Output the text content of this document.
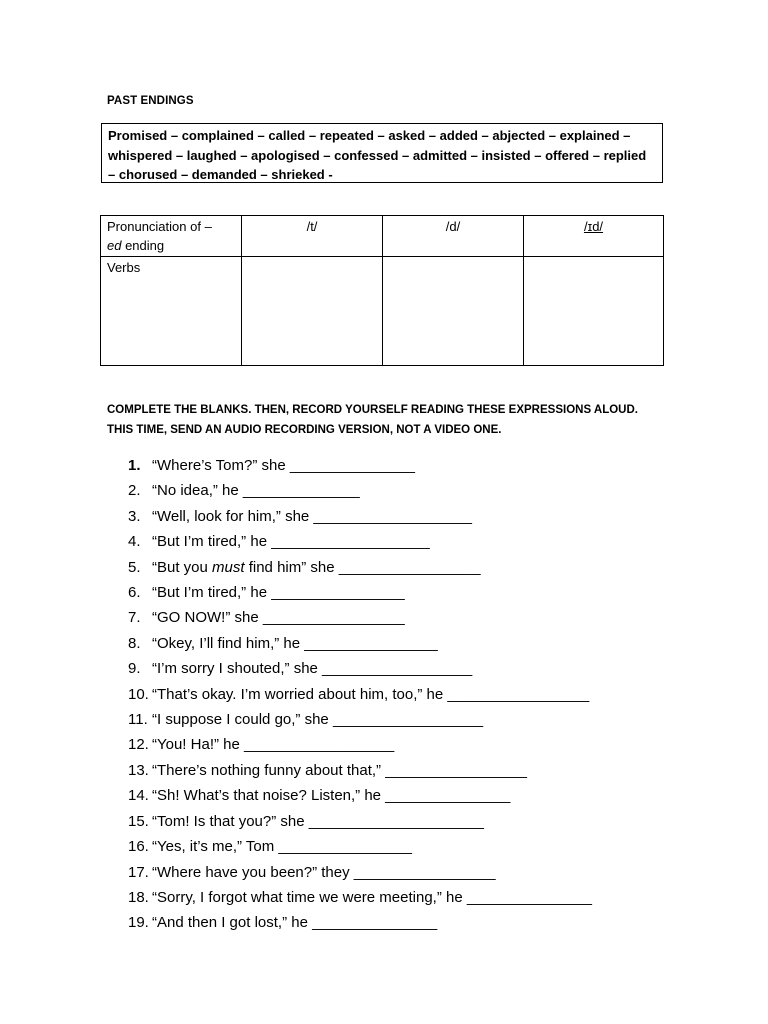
PAST ENDINGS
Promised – complained – called – repeated – asked – added – abjected – explained –
whispered – laughed – apologised – confessed – admitted – insisted – offered – replied
– chorused – demanded – shrieked -
Pronunciation of –
ed ending	/t/	/d/	/ɪd/
Verbs			
COMPLETE THE BLANKS. THEN, RECORD YOURSELF READING THESE EXPRESSIONS ALOUD. THIS TIME, SEND AN AUDIO RECORDING VERSION, NOT A VIDEO ONE.
1. “Where’s Tom?” she _______________
2. “No idea,” he ______________
3. “Well, look for him,” she ___________________
4. “But I’m tired,” he ___________________
5. “But you must find him” she _________________
6. “But I’m tired,” he ________________
7. “GO NOW!” she _________________
8. “Okey, I’ll find him,” he ________________
9. “I’m sorry I shouted,” she __________________
10. “That’s okay. I’m worried about him, too,” he _________________
11. “I suppose I could go,” she __________________
12. “You! Ha!” he __________________
13. “There’s nothing funny about that,” _________________
14. “Sh! What’s that noise? Listen,” he _______________
15. “Tom! Is that you?” she _____________________
16. “Yes, it’s me,” Tom ________________
17. “Where have you been?” they _________________
18. “Sorry, I forgot what time we were meeting,” he _______________
19. “And then I got lost,” he _______________
